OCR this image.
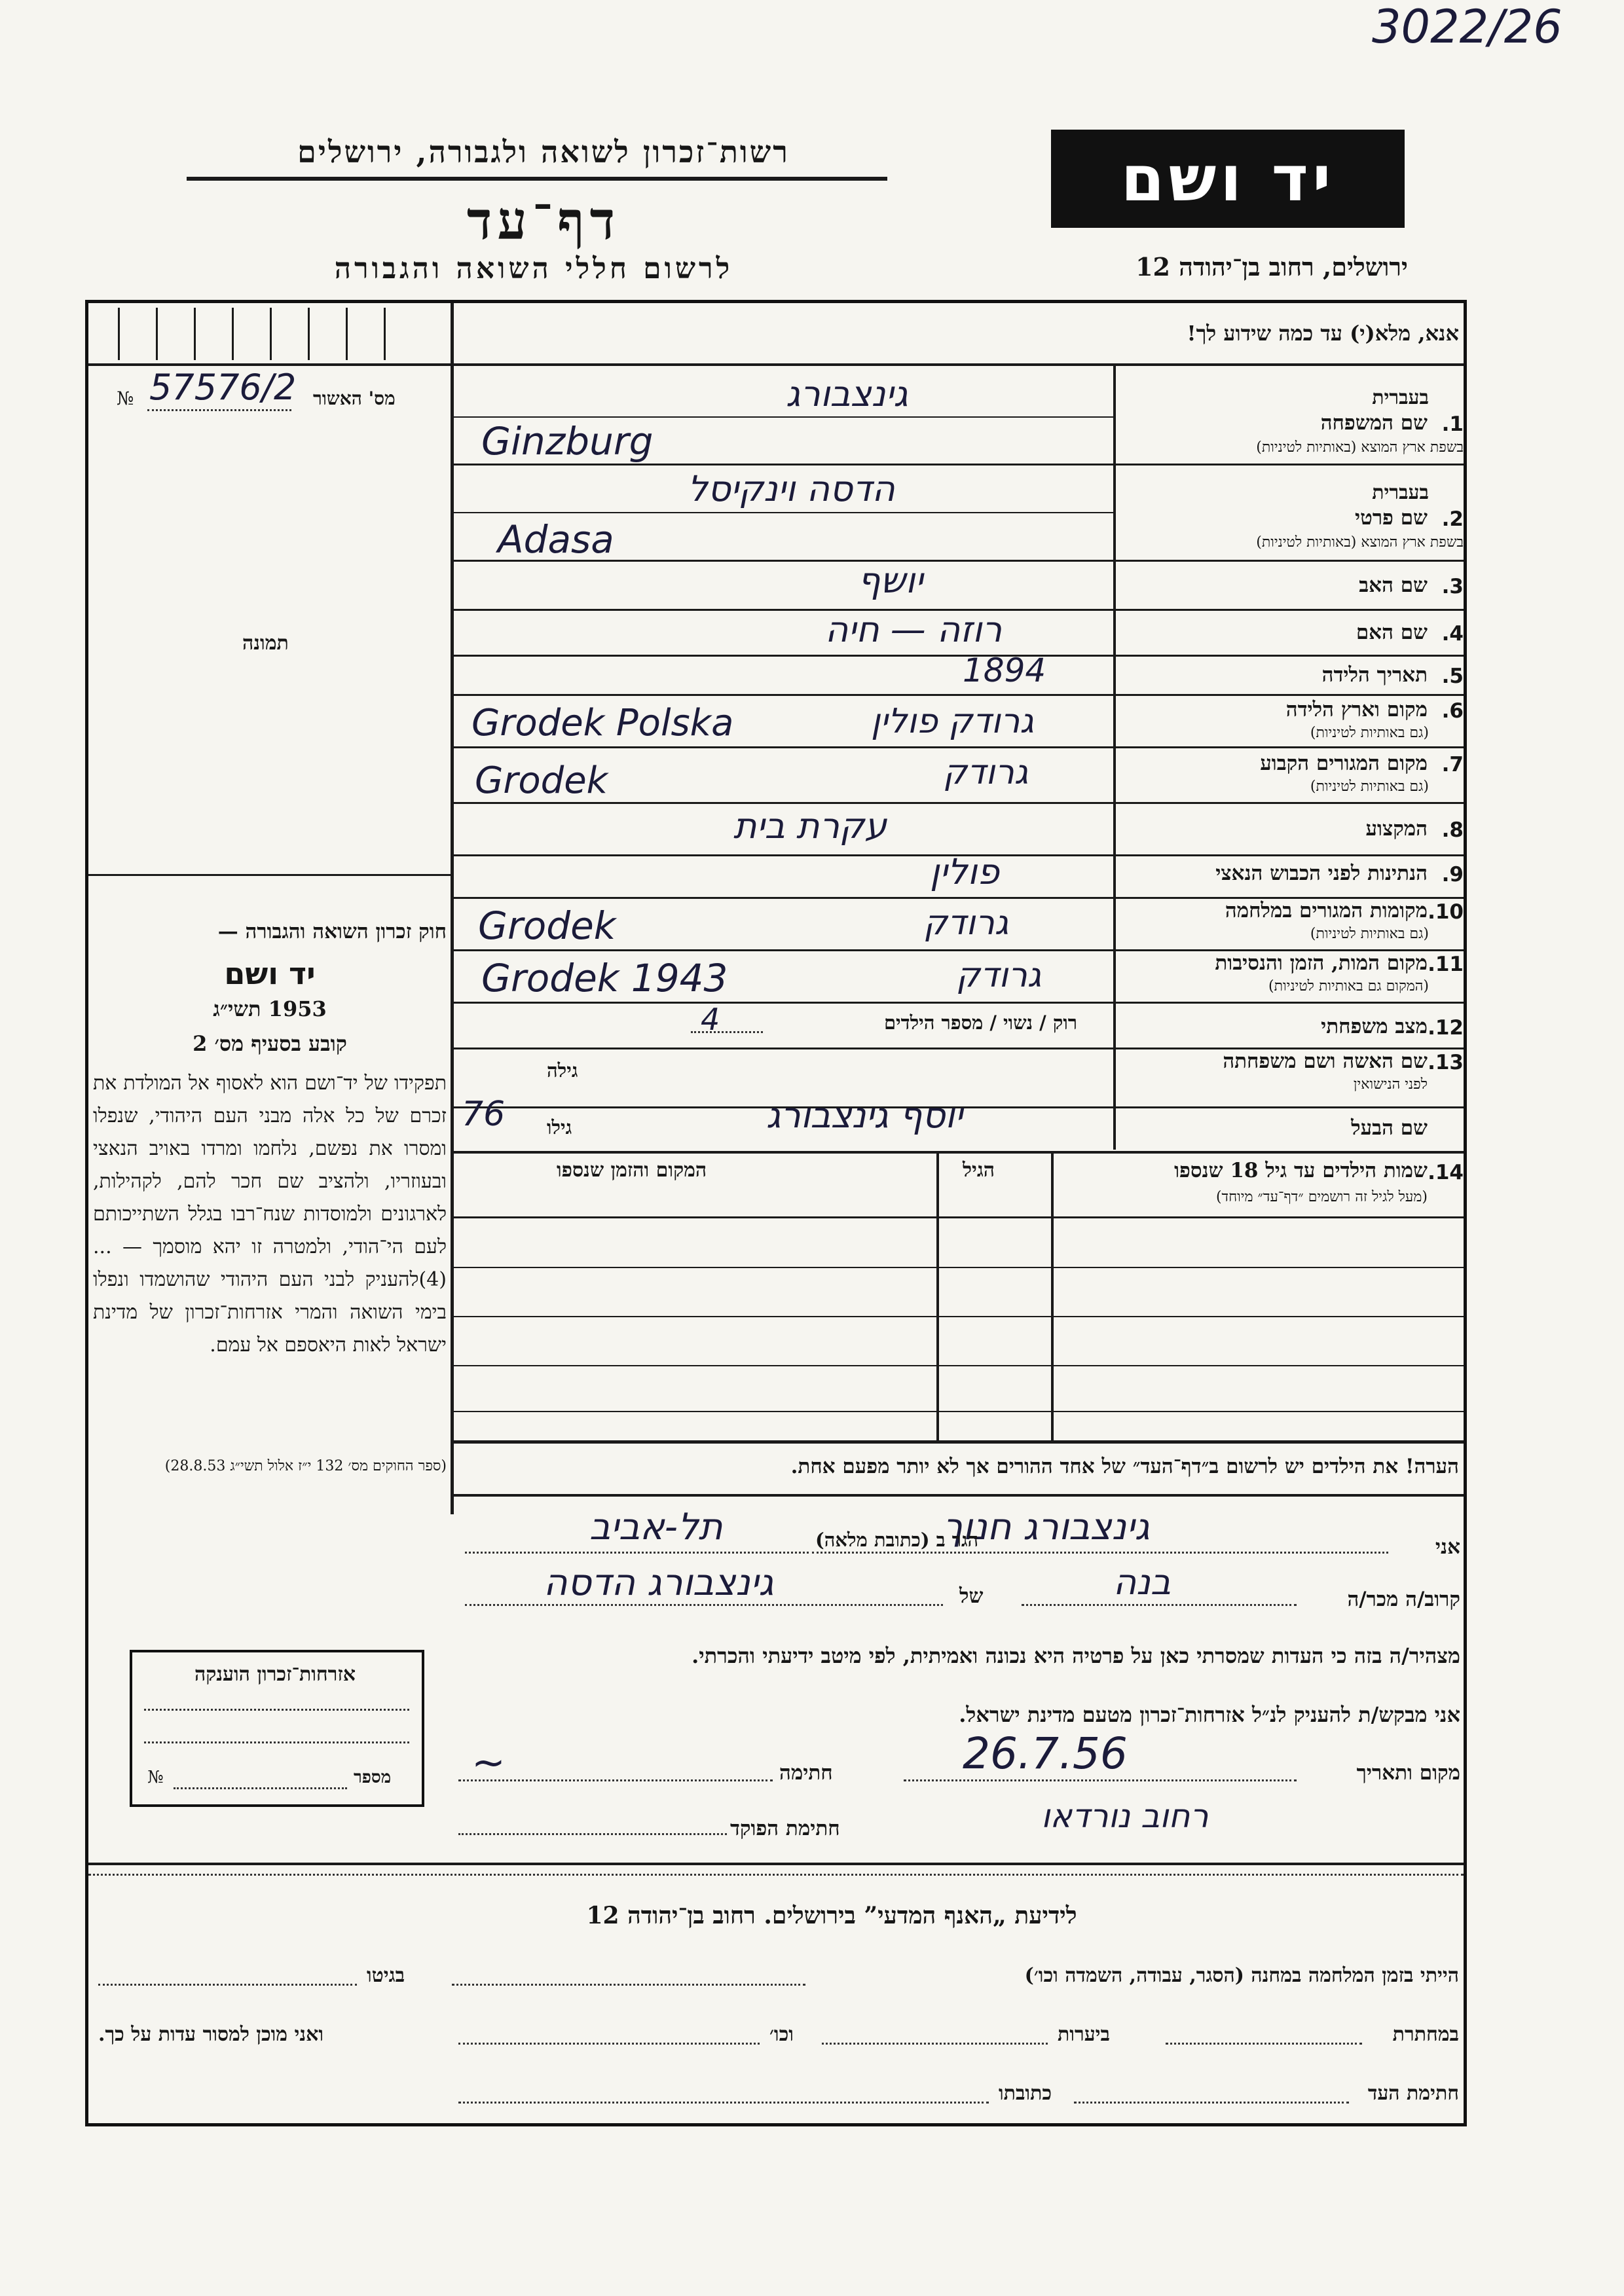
3022/26
רשות־זכרון לשואה ולגבורה, ירושלים
דף־עד
לרשום חללי השואה והגבורה
יד ושם
ירושלים, רחוב בן־יהודה 12
אנא, מלא(י) עד כמה שידוע לך!
מס' האשור
№ 57576/2
תמונה
חוק זכרון השואה והגבורה —
יד ושם
1953 תשי״ג
קובע בסעיף מס׳ 2
תפקידו של יד־ושם הוא לאסוף אל המולדת את זכרם של כל אלה מבני העם היהודי, שנפלו ומסרו את נפשם, נלחמו ומרדו באויב הנאצי ובעוזריו, ולהציב שם חכר להם, לקהילות, לארגונים ולמוסדות שנח־רבו בגלל השתייכותם לעם הי־הודי, ולמטרה זו יהא מוסמך — ...(4)להעניק לבני העם היהודי שהושמדו ונפלו בימי השואה והמרי אזרחות־זכרון של מדינת ישראל לאות היאספם אל עמם.
(ספר החוקים מס׳ 132 י״ז אלול תשי״ג 28.8.53)
בעברית
1.
שם המשפחה
בשפת ארץ המוצא (באותיות לטיניות)
גינצבורג
Ginzburg
בעברית
2.
שם פרטי
בשפת ארץ המוצא (באותיות לטיניות)
הדסה וינקיסל
Adasa
3.
שם האב
יושף
4.
שם האם
רוזה — חיה
5.
תאריך הלידה
1894
6.
מקום וארץ הלידה
(גם באותיות לטיניות)
גרודק פולין
Grodek Polska
7.
מקום המגורים הקבוע
(גם באותיות לטיניות)
גרודק
Grodek
8.
המקצוע
עקרת בית
9.
הנתינות לפני הכבוש הנאצי
פולין
10.
מקומות המגורים במלחמה
(גם באותיות לטיניות)
גרודק
Grodek
11.
מקום המות, הזמן והנסיבות
(המקום גם באותיות לטיניות)
גרודק
Grodek 1943
12.
מצב משפחתי
רוק / נשוי / מספר הילדים
4
13.
שם האשה ושם משפחתה
לפני הנישואין
גילה
שם הבעל
גילו
76	יוסף גינצבורג
14.
שמות הילדים עד גיל 18 שנספו
(מעל לגיל זה רושמים ״דף־עד״ מיוחד)
הגיל
המקום והזמן שנספו
הערה! את הילדים יש לרשום ב״דף־העד״ של אחד ההורים אך לא יותר מפעם אחת.
אני
גינצבורג חנוך
הגר ב (כתובת מלאה)
תל-אביב
קרוב/ה מכר/ה
בנה
של
גינצבורג הדסה
מצהיר/ה בזה כי העדות שמסרתי כאן על פרטיה היא נכונה ואמיתית, לפי מיטב ידיעתי והכרתי.
אני מבקש/ת להעניק לנ״ל אזרחות־זכרון מטעם מדינת ישראל.
מקום ותאריך
26.7.56
חתימה
~
רחוב נורדאו
חתימת הפוקד
אזרחות־זכרון הוענקה
מספר
№
לידיעת „האנף המדעי” בירושלים. רחוב בן־יהודה 12
הייתי בזמן המלחמה במחנה (הסגר, עבודה, השמדה וכו׳)
בגיטו
במחתרת
ביערות
וכו׳
ואני מוכן למסור עדות על כך.
חתימת העד
כתובתו
